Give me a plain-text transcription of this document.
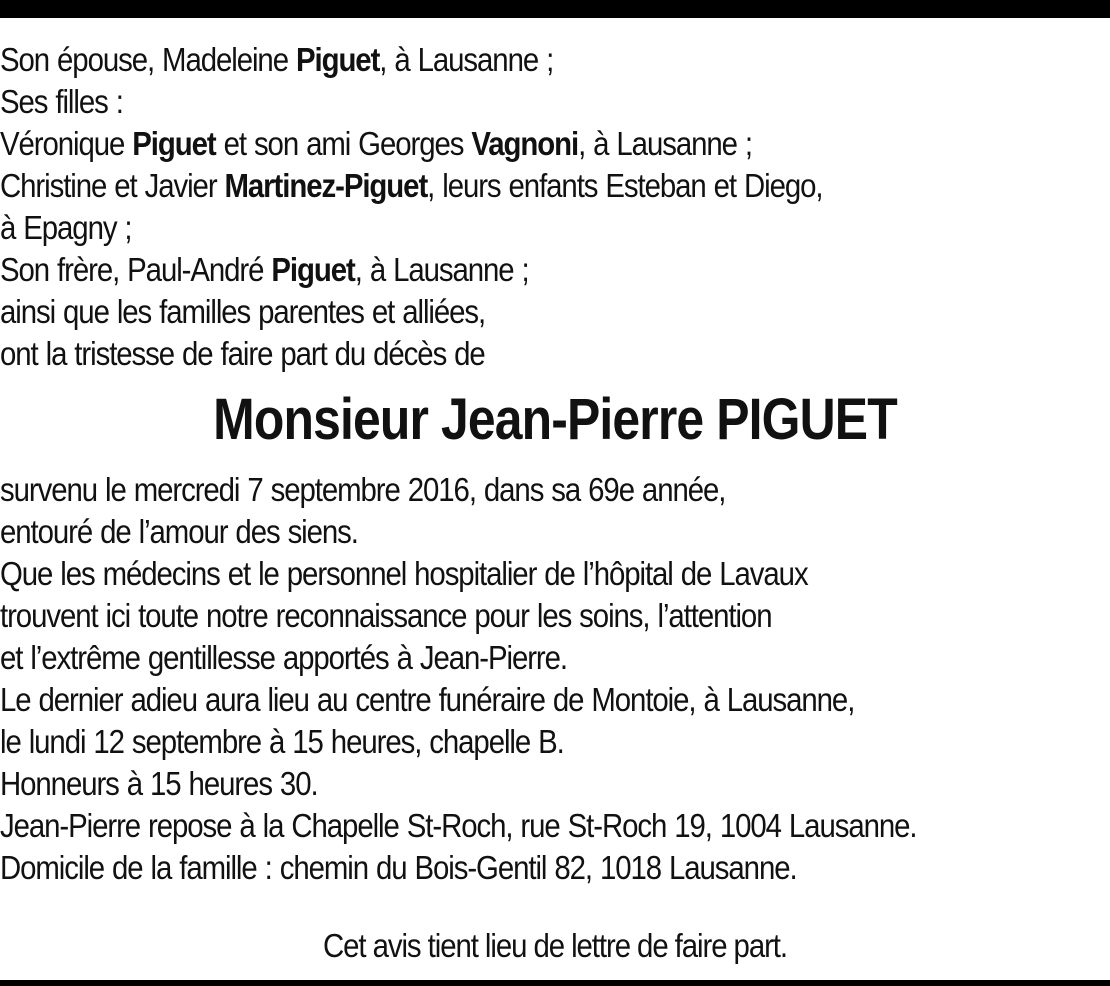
Son épouse, Madeleine Piguet, à Lausanne ;
Ses filles :
Véronique Piguet et son ami Georges Vagnoni, à Lausanne ;
Christine et Javier Martinez-Piguet, leurs enfants Esteban et Diego,
à Epagny ;
Son frère, Paul-André Piguet, à Lausanne ;
ainsi que les familles parentes et alliées,
ont la tristesse de faire part du décès de
Monsieur Jean-Pierre PIGUET
survenu le mercredi 7 septembre 2016, dans sa 69e année,
entouré de l’amour des siens.
Que les médecins et le personnel hospitalier de l’hôpital de Lavaux
trouvent ici toute notre reconnaissance pour les soins, l’attention
et l’extrême gentillesse apportés à Jean-Pierre.
Le dernier adieu aura lieu au centre funéraire de Montoie, à Lausanne,
le lundi 12 septembre à 15 heures, chapelle B.
Honneurs à 15 heures 30.
Jean-Pierre repose à la Chapelle St-Roch, rue St-Roch 19, 1004 Lausanne.
Domicile de la famille : chemin du Bois-Gentil 82, 1018 Lausanne.
Cet avis tient lieu de lettre de faire part.
